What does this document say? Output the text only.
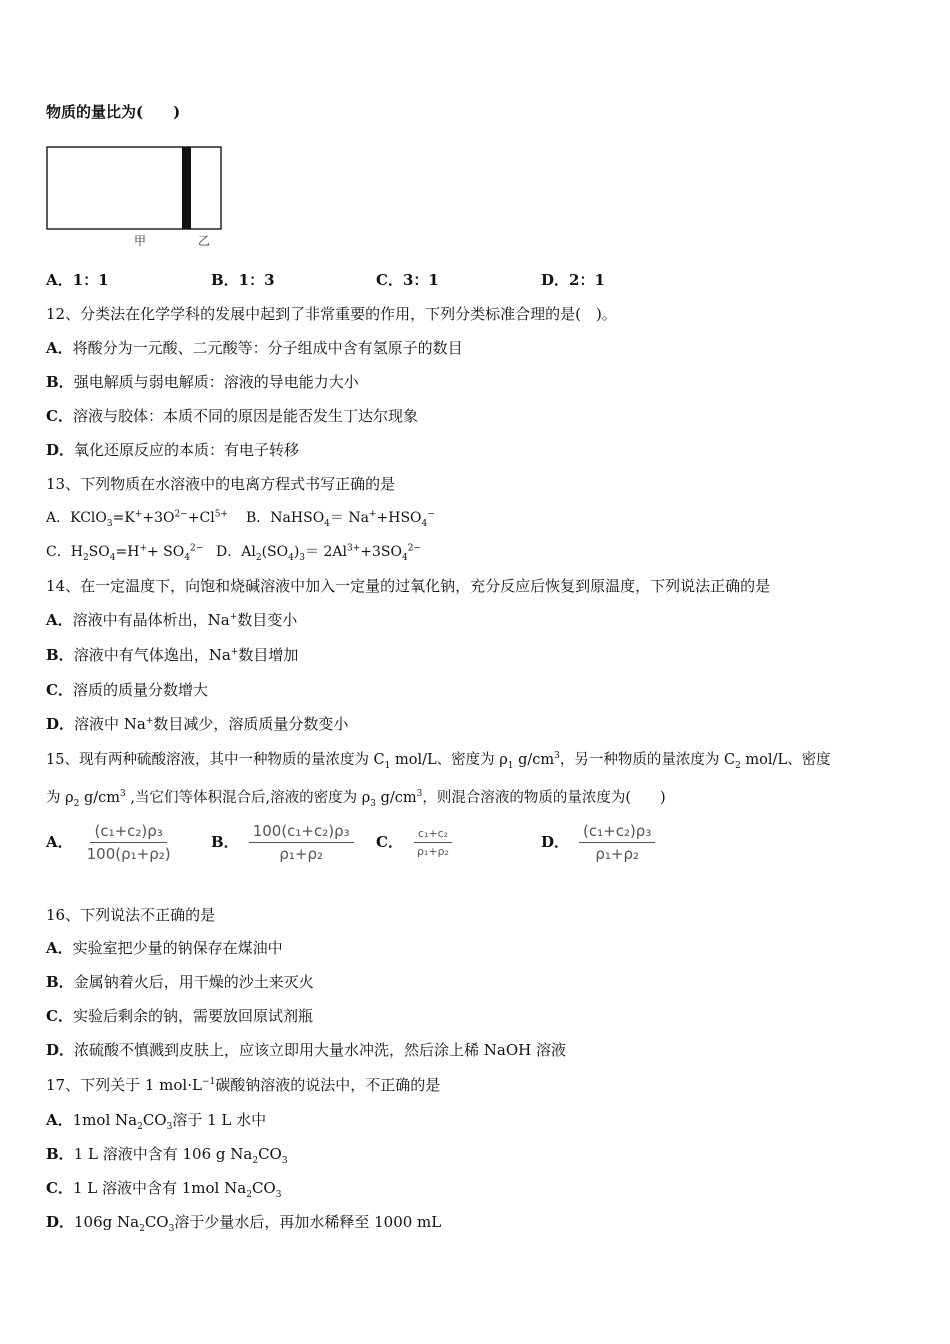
物质的量比为(　　)
甲	乙
A．1：1	B．1：3	C．3：1	D．2：1
12、分类法在化学学科的发展中起到了非常重要的作用，下列分类标准合理的是(　)。
A．将酸分为一元酸、二元酸等：分子组成中含有氢原子的数目
B．强电解质与弱电解质：溶液的导电能力大小
C．溶液与胶体：本质不同的原因是能否发生丁达尔现象
D．氧化还原反应的本质：有电子转移
13、下列物质在水溶液中的电离方程式书写正确的是
A．$KClO_3=K^++3O^{2-}+Cl^{5+}$ B．NaHSO$_4$＝ $Na^++HSO_4^-$
C．$H_2SO_4=H^++ SO_4^{2-}$ D．$Al_2(SO_4)_3= 2Al^{3+}+3SO_4^{2-}$
14、在一定温度下，向饱和烧碱溶液中加入一定量的过氧化钠，充分反应后恢复到原温度，下列说法正确的是
A．溶液中有晶体析出，Na+数目变小
B．溶液中有气体逸出，Na+数目增加
C．溶质的质量分数增大
D．溶液中 Na+数目减少，溶质质量分数变小
15、现有两种硫酸溶液，其中一种物质的量浓度为 $C_1$ mol/L、密度为 $\rho_1$ $g/cm^3$，另一种物质的量浓度为 $C_2$ mol/L、密度
为 $\rho_2$ $g/cm^3$ ,当它们等体积混合后,溶液的密度为 $\rho_3$ $g/cm^3$，则混合溶液的物质的量浓度为(　　)
A． $\frac{\text{(c₁+c₂)ρ₃}}{\text{100(ρ₁+ρ₂)}}$ B． $\frac{\text{100(c₁+c₂)ρ₃}}{\text{ρ₁+ρ₂}}$ C． $\frac{\text{c₁+c₂}}{\text{ρ₁+ρ₂}}$	D． $\frac{\text{(c₁+c₂)ρ₃}}{\text{ρ₁+ρ₂}}$
16、下列说法不正确的是
A．实验室把少量的钠保存在煤油中
B．金属钠着火后，用干燥的沙土来灭火
C．实验后剩余的钠，需要放回原试剂瓶
D．浓硫酸不慎溅到皮肤上，应该立即用大量水冲洗，然后涂上稀 NaOH 溶液
17、下列关于 1 $mol\cdot L^{-1}$碳酸钠溶液的说法中，不正确的是
A．1mol $Na_2CO_3$溶于 1 L 水中
B．1 L 溶液中含有 106 g $Na_2CO_3$
C．1 L 溶液中含有 1mol $Na_2CO_3$
D．106g $Na_2CO_3$溶于少量水后，再加水稀释至 1000 mL
